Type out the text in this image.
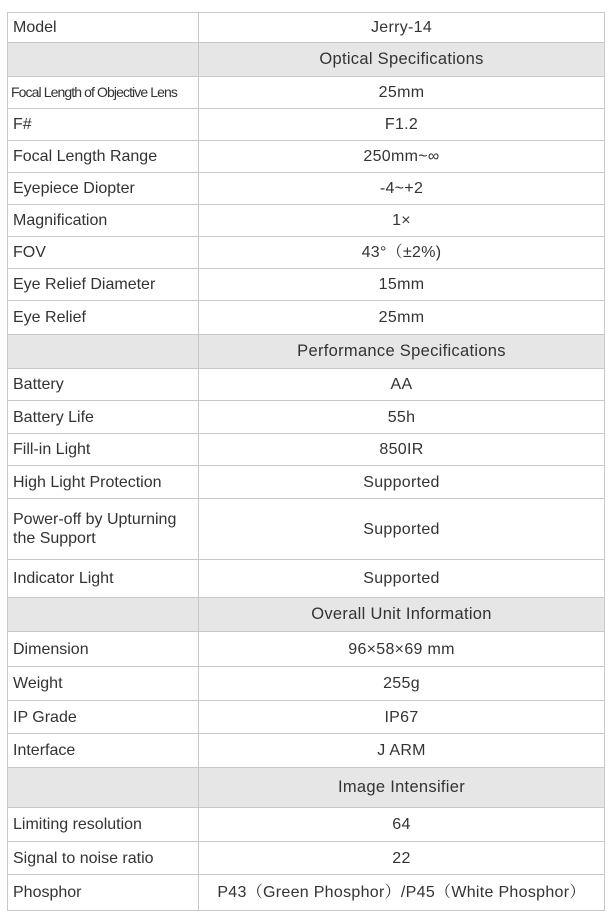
Model	Jerry-14
	Optical Specifications
Focal Length of Objective Lens	25mm
F#	F1.2
Focal Length Range	250mm~∞
Eyepiece Diopter	-4~+2
Magnification	1×
FOV	43°（±2%)
Eye Relief Diameter	15mm
Eye Relief	25mm
	Performance Specifications
Battery	AA
Battery Life	55h
Fill-in Light	850IR
High Light Protection	Supported
Power-off by Upturning the Support	Supported
Indicator Light	Supported
	Overall Unit Information
Dimension	96×58×69 mm
Weight	255g
IP Grade	IP67
Interface	J ARM
	Image Intensifier
Limiting resolution	64
Signal to noise ratio	22
Phosphor	P43（Green Phosphor）/P45（White Phosphor）
